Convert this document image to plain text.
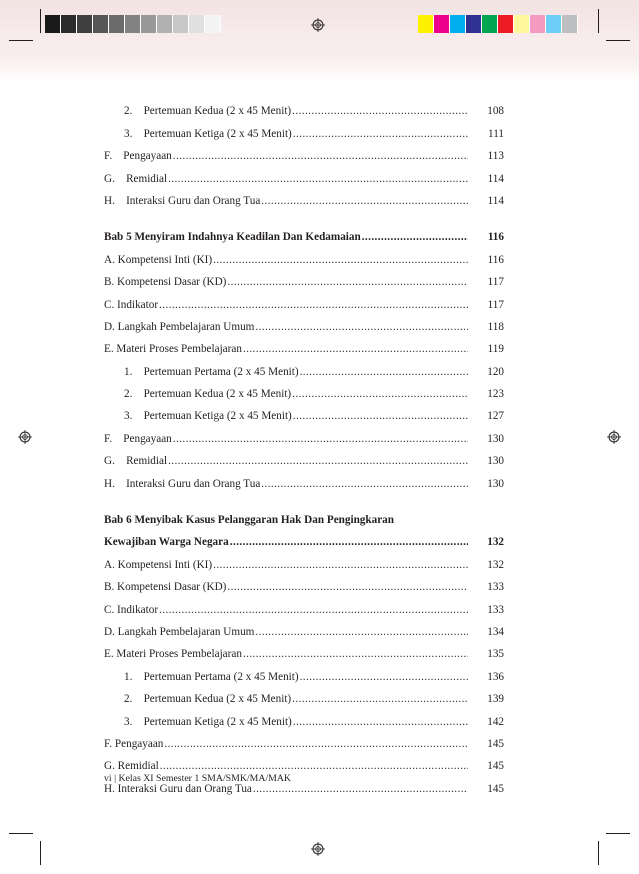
2. Pertemuan Kedua (2 x 45 Menit) .....	108
3. Pertemuan Ketiga (2 x 45 Menit) .....	111
F. Pengayaan .....	113
G. Remidial .....	114
H. Interaksi Guru dan Orang Tua .....	114
Bab 5 Menyiram Indahnya Keadilan Dan Kedamaian .....	116
A. Kompetensi Inti (KI) .....	116
B. Kompetensi Dasar (KD) .....	117
C. Indikator .....	117
D. Langkah Pembelajaran Umum .....	118
E. Materi Proses Pembelajaran .....	119
1. Pertemuan Pertama (2 x 45 Menit) .....	120
2. Pertemuan Kedua (2 x 45 Menit) .....	123
3. Pertemuan Ketiga (2 x 45 Menit) .....	127
F. Pengayaan .....	130
G. Remidial .....	130
H. Interaksi Guru dan Orang Tua .....	130
Bab 6 Menyibak Kasus Pelanggaran Hak Dan Pengingkaran
Kewajiban Warga Negara .....	132
A. Kompetensi Inti (KI) .....	132
B. Kompetensi Dasar (KD) .....	133
C. Indikator .....	133
D. Langkah Pembelajaran Umum .....	134
E. Materi Proses Pembelajaran .....	135
1. Pertemuan Pertama (2 x 45 Menit) .....	136
2. Pertemuan Kedua (2 x 45 Menit) .....	139
3. Pertemuan Ketiga (2 x 45 Menit) .....	142
F. Pengayaan .....	145
G. Remidial .....	145
H. Interaksi Guru dan Orang Tua .....	145
vi | Kelas XI Semester 1 SMA/SMK/MA/MAK
